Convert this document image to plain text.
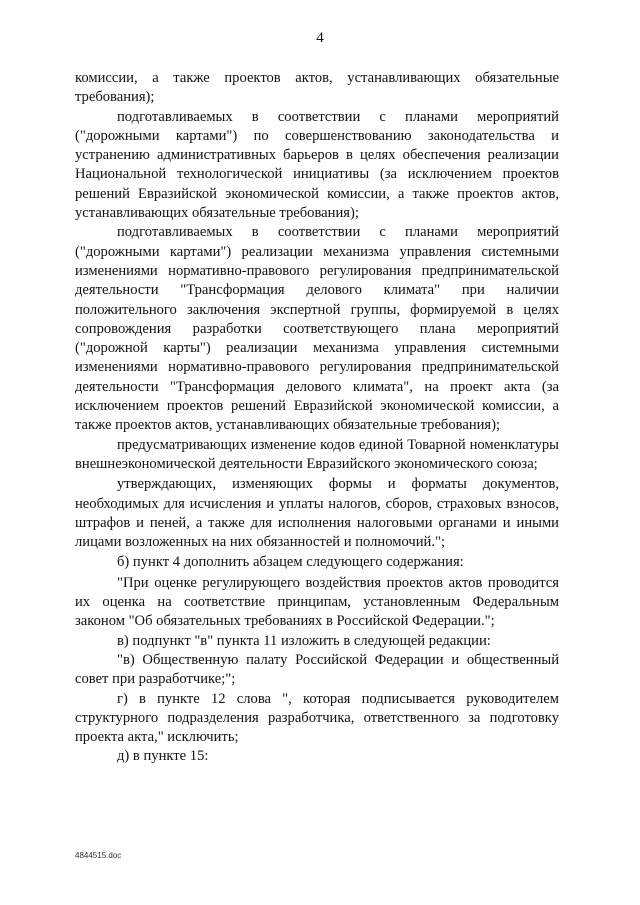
4

комиссии, а также проектов актов, устанавливающих обязательные требования);

подготавливаемых в соответствии с планами мероприятий ("дорожными картами") по совершенствованию законодательства и устранению административных барьеров в целях обеспечения реализации Национальной технологической инициативы (за исключением проектов решений Евразийской экономической комиссии, а также проектов актов, устанавливающих обязательные требования);

подготавливаемых в соответствии с планами мероприятий ("дорожными картами") реализации механизма управления системными изменениями нормативно-правового регулирования предпринимательской деятельности "Трансформация делового климата" при наличии положительного заключения экспертной группы, формируемой в целях сопровождения разработки соответствующего плана мероприятий ("дорожной карты") реализации механизма управления системными изменениями нормативно-правового регулирования предпринимательской деятельности "Трансформация делового климата", на проект акта (за исключением проектов решений Евразийской экономической комиссии, а также проектов актов, устанавливающих обязательные требования);

предусматривающих изменение кодов единой Товарной номенклатуры внешнеэкономической деятельности Евразийского экономического союза;

утверждающих, изменяющих формы и форматы документов, необходимых для исчисления и уплаты налогов, сборов, страховых взносов, штрафов и пеней, а также для исполнения налоговыми органами и иными лицами возложенных на них обязанностей и полномочий.";

б) пункт 4 дополнить абзацем следующего содержания:

"При оценке регулирующего воздействия проектов актов проводится их оценка на соответствие принципам, установленным Федеральным законом "Об обязательных требованиях в Российской Федерации.";

в) подпункт "в" пункта 11 изложить в следующей редакции:

"в) Общественную палату Российской Федерации и общественный совет при разработчике;";

г) в пункте 12 слова ", которая подписывается руководителем структурного подразделения разработчика, ответственного за подготовку проекта акта," исключить;

д) в пункте 15:

4844515.doc
